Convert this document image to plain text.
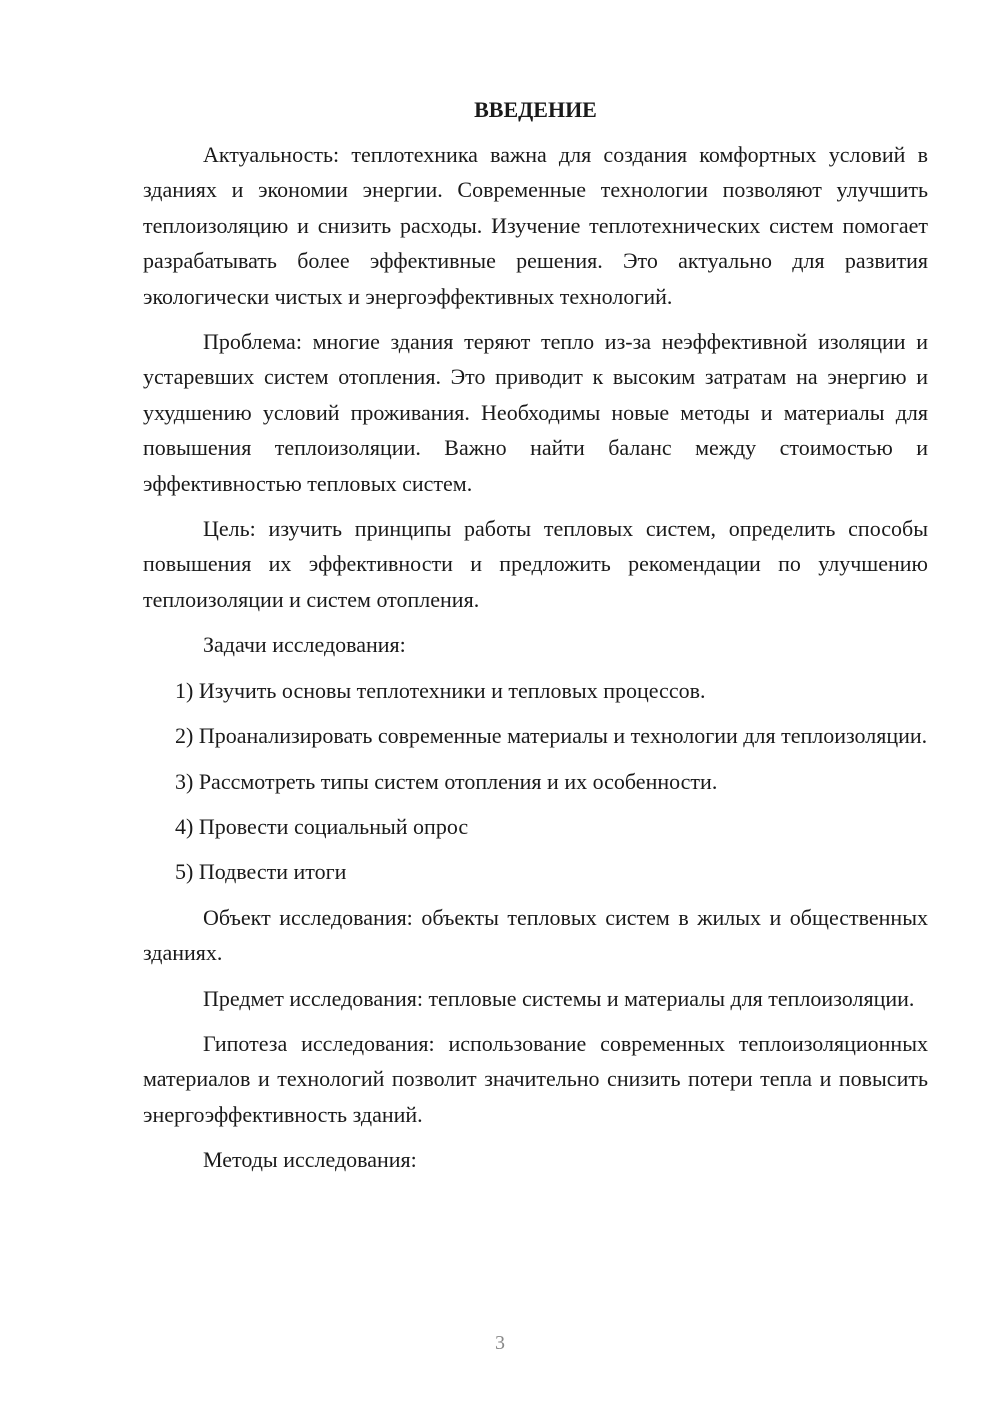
ВВЕДЕНИЕ

Актуальность: теплотехника важна для создания комфортных условий в зданиях и экономии энергии. Современные технологии позволяют улучшить теплоизоляцию и снизить расходы. Изучение теплотехнических систем помогает разрабатывать более эффективные решения. Это актуально для развития экологически чистых и энергоэффективных технологий.

Проблема: многие здания теряют тепло из-за неэффективной изоляции и устаревших систем отопления. Это приводит к высоким затратам на энергию и ухудшению условий проживания. Необходимы новые методы и материалы для повышения теплоизоляции. Важно найти баланс между стоимостью и эффективностью тепловых систем.

Цель: изучить принципы работы тепловых систем, определить способы повышения их эффективности и предложить рекомендации по улучшению теплоизоляции и систем отопления.

Задачи исследования:

1) Изучить основы теплотехники и тепловых процессов.

2) Проанализировать современные материалы и технологии для теплоизоляции.

3) Рассмотреть типы систем отопления и их особенности.

4) Провести социальный опрос

5) Подвести итоги

Объект исследования: объекты тепловых систем в жилых и общественных зданиях.

Предмет исследования: тепловые системы и материалы для теплоизоляции.

Гипотеза исследования: использование современных теплоизоляционных материалов и технологий позволит значительно снизить потери тепла и повысить энергоэффективность зданий.

Методы исследования:

3
